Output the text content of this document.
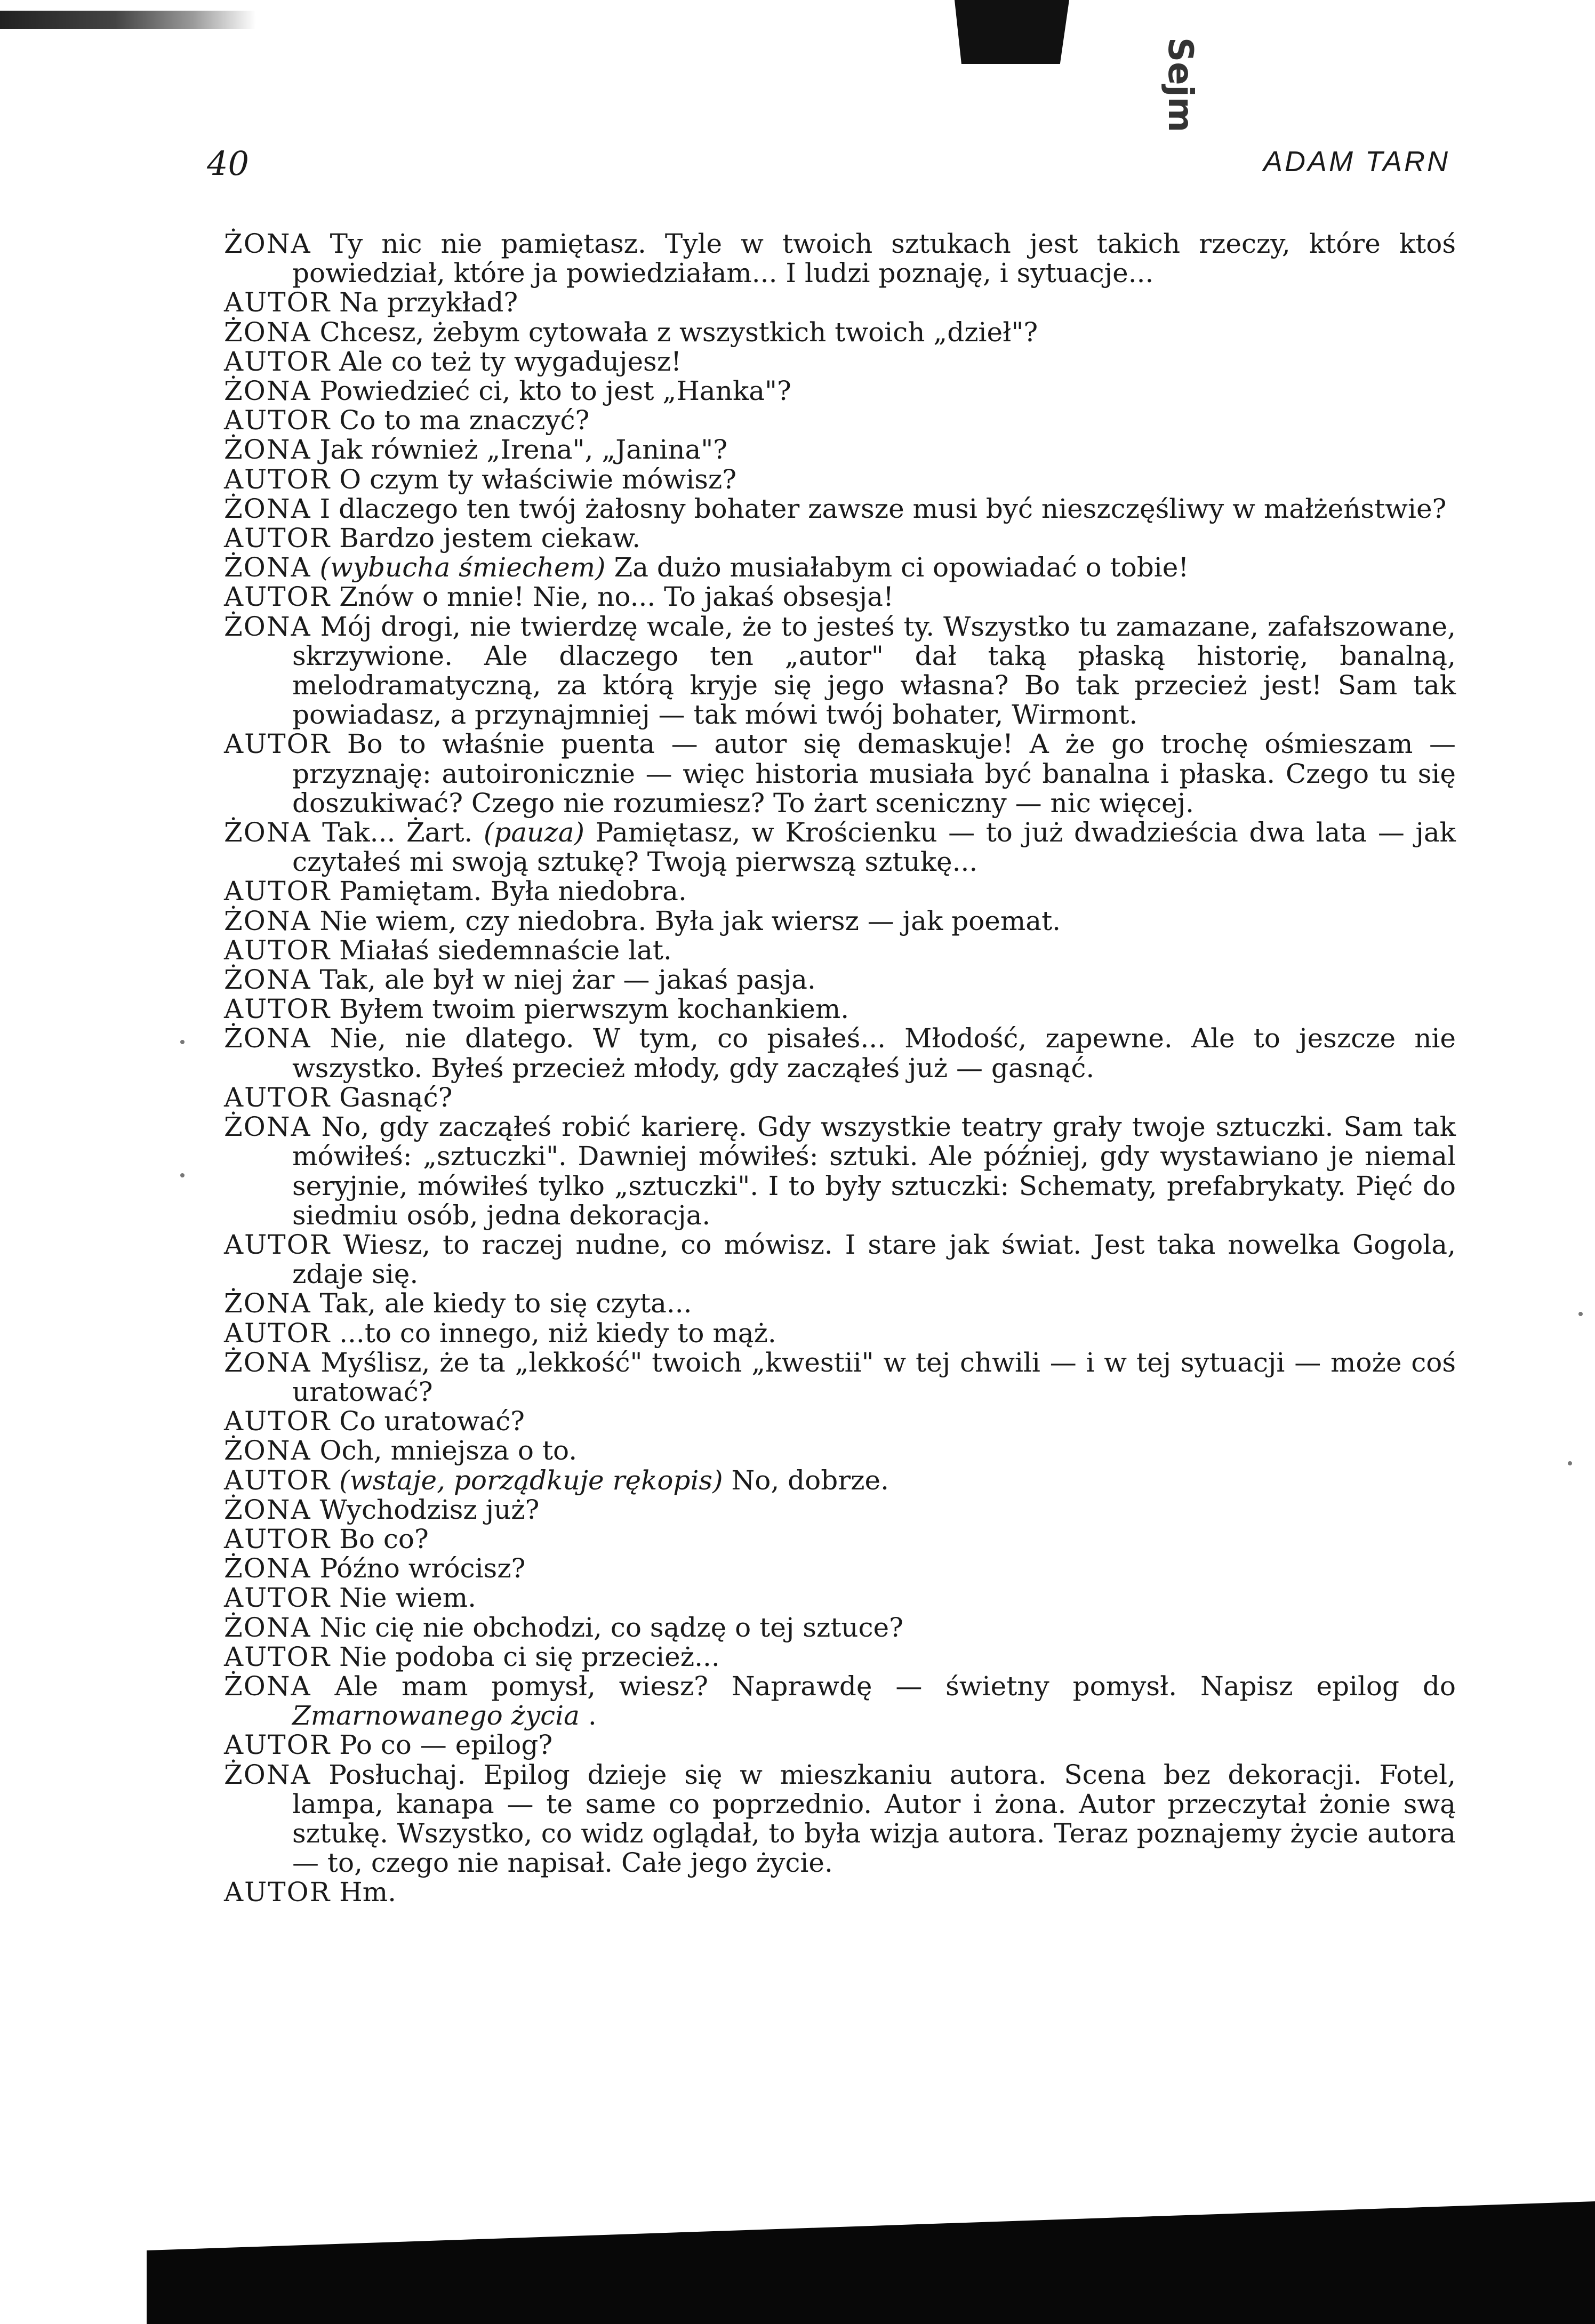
Sejm
40	ADAM TARN
ŻONA Ty nic nie pamiętasz. Tyle w twoich sztukach jest takich rzeczy, które ktoś powiedział, które ja powiedziałam... I ludzi poznaję, i sytuacje...
AUTOR Na przykład?
ŻONA Chcesz, żebym cytowała z wszystkich twoich „dzieł"?
AUTOR Ale co też ty wygadujesz!
ŻONA Powiedzieć ci, kto to jest „Hanka"?
AUTOR Co to ma znaczyć?
ŻONA Jak również „Irena", „Janina"?
AUTOR O czym ty właściwie mówisz?
ŻONA I dlaczego ten twój żałosny bohater zawsze musi być nieszczęśliwy w małżeństwie?
AUTOR Bardzo jestem ciekaw.
ŻONA (wybucha śmiechem) Za dużo musiałabym ci opowiadać o tobie!
AUTOR Znów o mnie! Nie, no... To jakaś obsesja!
ŻONA Mój drogi, nie twierdzę wcale, że to jesteś ty. Wszystko tu zamazane, zafałszowane, skrzywione. Ale dlaczego ten „autor" dał taką płaską historię, banalną, melodramatyczną, za którą kryje się jego własna? Bo tak przecież jest! Sam tak powiadasz, a przynajmniej — tak mówi twój bohater, Wirmont.
AUTOR Bo to właśnie puenta — autor się demaskuje! A że go trochę ośmieszam — przyznaję: autoironicznie — więc historia musiała być banalna i płaska. Czego tu się doszukiwać? Czego nie rozumiesz? To żart sceniczny — nic więcej.
ŻONA Tak... Żart. (pauza) Pamiętasz, w Krościenku — to już dwadzieścia dwa lata — jak czytałeś mi swoją sztukę? Twoją pierwszą sztukę...
AUTOR Pamiętam. Była niedobra.
ŻONA Nie wiem, czy niedobra. Była jak wiersz — jak poemat.
AUTOR Miałaś siedemnaście lat.
ŻONA Tak, ale był w niej żar — jakaś pasja.
AUTOR Byłem twoim pierwszym kochankiem.
ŻONA Nie, nie dlatego. W tym, co pisałeś... Młodość, zapewne. Ale to jeszcze nie wszystko. Byłeś przecież młody, gdy zacząłeś już — gasnąć.
AUTOR Gasnąć?
ŻONA No, gdy zacząłeś robić karierę. Gdy wszystkie teatry grały twoje sztuczki. Sam tak mówiłeś: „sztuczki". Dawniej mówiłeś: sztuki. Ale później, gdy wystawiano je niemal seryjnie, mówiłeś tylko „sztuczki". I to były sztuczki: Schematy, prefabrykaty. Pięć do siedmiu osób, jedna dekoracja.
AUTOR Wiesz, to raczej nudne, co mówisz. I stare jak świat. Jest taka nowelka Gogola, zdaje się.
ŻONA Tak, ale kiedy to się czyta...
AUTOR ...to co innego, niż kiedy to mąż.
ŻONA Myślisz, że ta „lekkość" twoich „kwestii" w tej chwili — i w tej sytuacji — może coś uratować?
AUTOR Co uratować?
ŻONA Och, mniejsza o to.
AUTOR (wstaje, porządkuje rękopis) No, dobrze.
ŻONA Wychodzisz już?
AUTOR Bo co?
ŻONA Późno wrócisz?
AUTOR Nie wiem.
ŻONA Nic cię nie obchodzi, co sądzę o tej sztuce?
AUTOR Nie podoba ci się przecież...
ŻONA Ale mam pomysł, wiesz? Naprawdę — świetny pomysł. Napisz epilog do Zmarnowanego życia .
AUTOR Po co — epilog?
ŻONA Posłuchaj. Epilog dzieje się w mieszkaniu autora. Scena bez dekoracji. Fotel, lampa, kanapa — te same co poprzednio. Autor i żona. Autor przeczytał żonie swą sztukę. Wszystko, co widz oglądał, to była wizja autora. Teraz poznajemy życie autora — to, czego nie napisał. Całe jego życie.
AUTOR Hm.
